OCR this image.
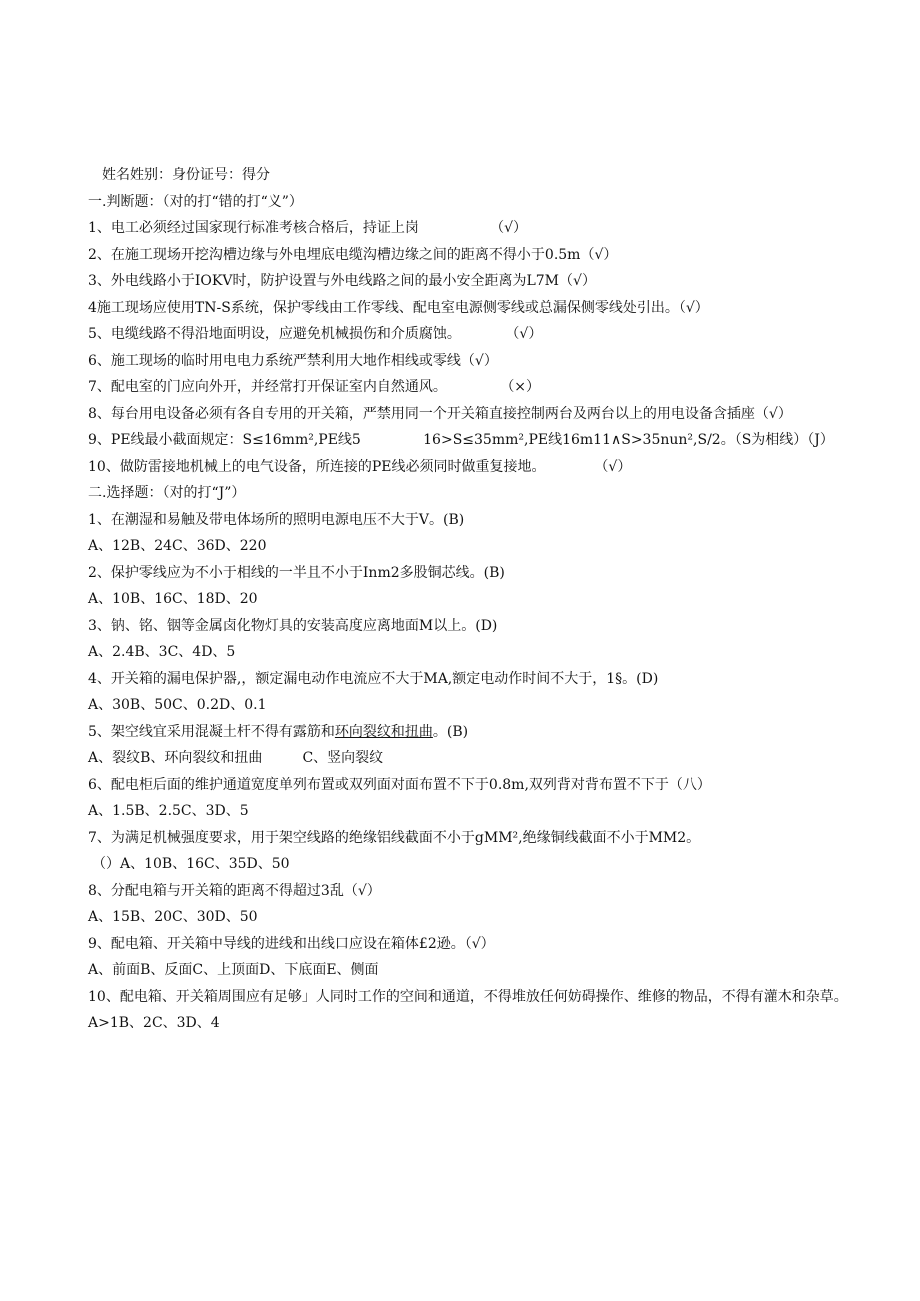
姓名姓别：身份证号：得分
一.判断题：（对的打“错的打“义”）
1、电工必须经过国家现行标准考核合格后，持证上岗	（√）
2、在施工现场开挖沟槽边缘与外电埋底电缆沟槽边缘之间的距离不得小于0.5m（√）
3、外电线路小于IOKV时，防护设置与外电线路之间的最小安全距离为L7M（√）
4施工现场应使用TN-S系统，保护零线由工作零线、配电室电源侧零线或总漏保侧零线处引出。（√）
5、电缆线路不得沿地面明设，应避免机械损伤和介质腐蚀。	（√）
6、施工现场的临时用电电力系统严禁利用大地作相线或零线（√）
7、配电室的门应向外开，并经常打开保证室内自然通风。	（×）
8、每台用电设备必须有各自专用的开关箱，严禁用同一个开关箱直接控制两台及两台以上的用电设备含插座（√）
9、PE线最小截面规定：S≤16mm²,PE线5              16>S≤35mm²,PE线16m11∧S>35nun²,S/2。（S为相线）（J）
10、做防雷接地机械上的电气设备，所连接的PE线必须同时做重复接地。	（√）
二.选择题：（对的打“J”）
1、在潮湿和易触及带电体场所的照明电源电压不大于V。(B)
A、12B、24C、36D、220
2、保护零线应为不小于相线的一半且不小于Inm2多股铜芯线。(B)
A、10B、16C、18D、20
3、钠、铭、铟等金属卤化物灯具的安装高度应离地面M以上。(D)
A、2.4B、3C、4D、5
4、开关箱的漏电保护器,，额定漏电动作电流应不大于MA,额定电动作时间不大于，1§。(D)
A、30B、50C、0.2D、0.1
5、架空线宜采用混凝土杆不得有露筋和环向裂纹和扭曲。(B)
A、裂纹B、环向裂纹和扭曲         C、竖向裂纹
6、配电柜后面的维护通道宽度单列布置或双列面对面布置不下于0.8m,双列背对背布置不下于（八）
A、1.5B、2.5C、3D、5
7、为满足机械强度要求，用于架空线路的绝缘铝线截面不小于gMM²,绝缘铜线截面不小于MM2。
（）A、10B、16C、35D、50
8、分配电箱与开关箱的距离不得超过3乱（√）
A、15B、20C、30D、50
9、配电箱、开关箱中导线的进线和出线口应设在箱体£2逊。（√）
A、前面B、反面C、上顶面D、下底面E、侧面
10、配电箱、开关箱周围应有足够」人同时工作的空间和通道，不得堆放任何妨碍操作、维修的物品，不得有灌木和杂草。
A>1B、2C、3D、4
